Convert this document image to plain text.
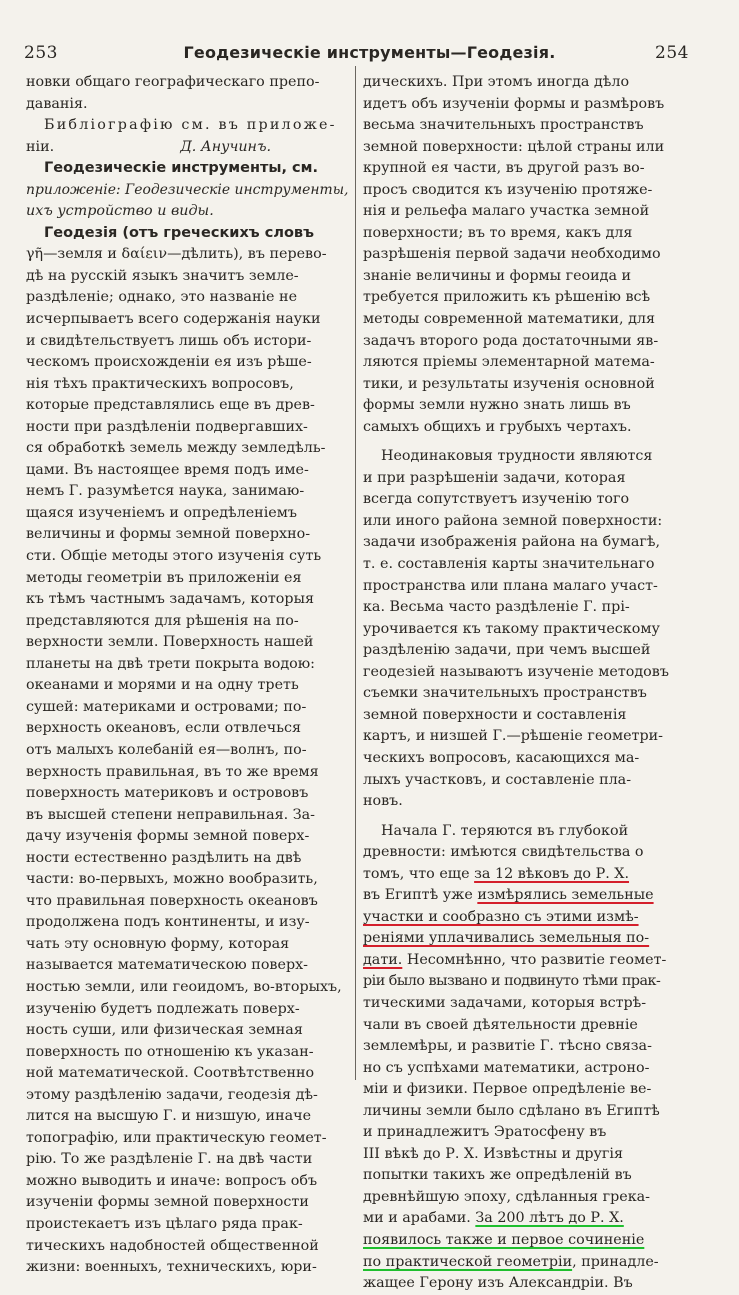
253	Геодезическіе инструменты—Геодезія.	254
новки общаго географическаго препо-
даванія.
Библіографію см. въ приложе-
ніи.	Д. Анучинъ.
Геодезическіе инструменты, см.
приложеніе: Геодезическіе инструменты,
ихъ устройство и виды.
Геодезія (отъ греческихъ словъ
γῆ—земля и δαίειν—дѣлить), въ перево-
дѣ на русскій языкъ значитъ земле-
раздѣленіе; однако, это названіе не
исчерпываетъ всего содержанія науки
и свидѣтельствуетъ лишь объ истори-
ческомъ происхожденіи ея изъ рѣше-
нія тѣхъ практическихъ вопросовъ,
которые представлялись еще въ древ-
ности при раздѣленіи подвергавших-
ся обработкѣ земель между земледѣль-
цами. Въ настоящее время подъ име-
немъ Г. разумѣется наука, занимаю-
щаяся изученіемъ и опредѣленіемъ
величины и формы земной поверхно-
сти. Общіе методы этого изученія суть
методы геометріи въ приложеніи ея
къ тѣмъ частнымъ задачамъ, которыя
представляются для рѣшенія на по-
верхности земли. Поверхность нашей
планеты на двѣ трети покрыта водою:
океанами и морями и на одну треть
сушей: материками и островами; по-
верхность океановъ, если отвлечься
отъ малыхъ колебаній ея—волнъ, по-
верхность правильная, въ то же время
поверхность материковъ и острововъ
въ высшей степени неправильная. За-
дачу изученія формы земной поверх-
ности естественно раздѣлить на двѣ
части: во-первыхъ, можно вообразить,
что правильная поверхность океановъ
продолжена подъ континенты, и изу-
чать эту основную форму, которая
называется математическою поверх-
ностью земли, или геоидомъ, во-вторыхъ,
изученію будетъ подлежать поверх-
ность суши, или физическая земная
поверхность по отношенію къ указан-
ной математической. Соотвѣтственно
этому раздѣленію задачи, геодезія дѣ-
лится на высшую Г. и низшую, иначе
топографію, или практическую геомет-
рію. То же раздѣленіе Г. на двѣ части
можно выводить и иначе: вопросъ объ
изученіи формы земной поверхности
проистекаетъ изъ цѣлаго ряда прак-
тическихъ надобностей общественной
жизни: военныхъ, техническихъ, юри-
дическихъ. При этомъ иногда дѣло
идетъ объ изученіи формы и размѣровъ
весьма значительныхъ пространствъ
земной поверхности: цѣлой страны или
крупной ея части, въ другой разъ во-
просъ сводится къ изученію протяже-
нія и рельефа малаго участка земной
поверхности; въ то время, какъ для
разрѣшенія первой задачи необходимо
знаніе величины и формы геоида и
требуется приложить къ рѣшенію всѣ
методы современной математики, для
задачъ второго рода достаточными яв-
ляются пріемы элементарной матема-
тики, и результаты изученія основной
формы земли нужно знать лишь въ
самыхъ общихъ и грубыхъ чертахъ.
Неодинаковыя трудности являются
и при разрѣшеніи задачи, которая
всегда сопутствуетъ изученію того
или иного района земной поверхности:
задачи изображенія района на бумагѣ,
т. е. составленія карты значительнаго
пространства или плана малаго участ-
ка. Весьма часто раздѣленіе Г. прі-
урочивается къ такому практическому
раздѣленію задачи, при чемъ высшей
геодезіей называютъ изученіе методовъ
съемки значительныхъ пространствъ
земной поверхности и составленія
картъ, и низшей Г.—рѣшеніе геометри-
ческихъ вопросовъ, касающихся ма-
лыхъ участковъ, и составленіе пла-
новъ.
Начала Г. теряются въ глубокой
древности: имѣются свидѣтельства о
томъ, что еще за 12 вѣковъ до Р. Х.
въ Египтѣ уже измѣрялись земельные
участки и сообразно съ этими измѣ-
реніями уплачивались земельныя по-
дати. Несомнѣнно, что развитіе геомет-
ріи было вызвано и подвинуто тѣми прак-
тическими задачами, которыя встрѣ-
чали въ своей дѣятельности древніе
землемѣры, и развитіе Г. тѣсно связа-
но съ успѣхами математики, астроно-
міи и физики. Первое опредѣленіе ве-
личины земли было сдѣлано въ Египтѣ
и принадлежитъ Эратосфену въ
III вѣкѣ до Р. Х. Извѣстны и другія
попытки такихъ же опредѣленій въ
древнѣйшую эпоху, сдѣланныя грека-
ми и арабами. За 200 лѣтъ до Р. Х.
появилось также и первое сочиненіе
по практической геометріи, принадле-
жащее Герону изъ Александріи. Въ
